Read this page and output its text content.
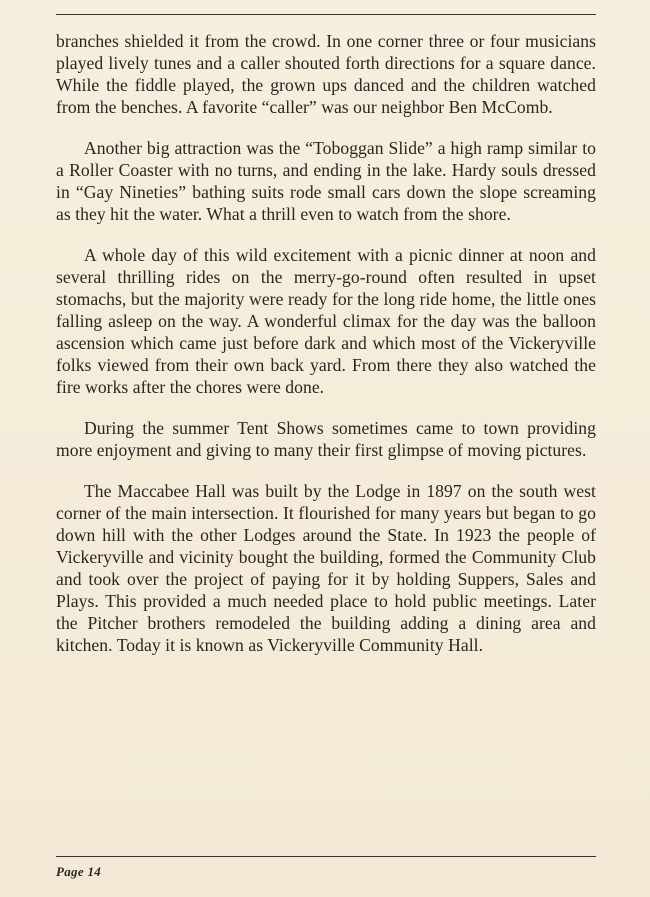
branches shielded it from the crowd. In one corner three or four musicians played lively tunes and a caller shouted forth directions for a square dance. While the fiddle played, the grown ups danced and the children watched from the benches. A favorite “caller” was our neighbor Ben McComb.

Another big attraction was the “Toboggan Slide” a high ramp similar to a Roller Coaster with no turns, and ending in the lake. Hardy souls dressed in “Gay Nineties” bathing suits rode small cars down the slope screaming as they hit the water. What a thrill even to watch from the shore.

A whole day of this wild excitement with a picnic dinner at noon and several thrilling rides on the merry-go-round often resulted in upset stomachs, but the majority were ready for the long ride home, the little ones falling asleep on the way. A wonderful climax for the day was the balloon ascension which came just before dark and which most of the Vickeryville folks viewed from their own back yard. From there they also watched the fire works after the chores were done.

During the summer Tent Shows sometimes came to town providing more enjoyment and giving to many their first glimpse of moving pictures.

The Maccabee Hall was built by the Lodge in 1897 on the south west corner of the main intersection. It flourished for many years but began to go down hill with the other Lodges around the State. In 1923 the people of Vickeryville and vicinity bought the building, formed the Community Club and took over the project of paying for it by holding Suppers, Sales and Plays. This provided a much needed place to hold public meetings. Later the Pitcher brothers remodeled the building adding a dining area and kitchen. Today it is known as Vickeryville Community Hall.

Page 14
